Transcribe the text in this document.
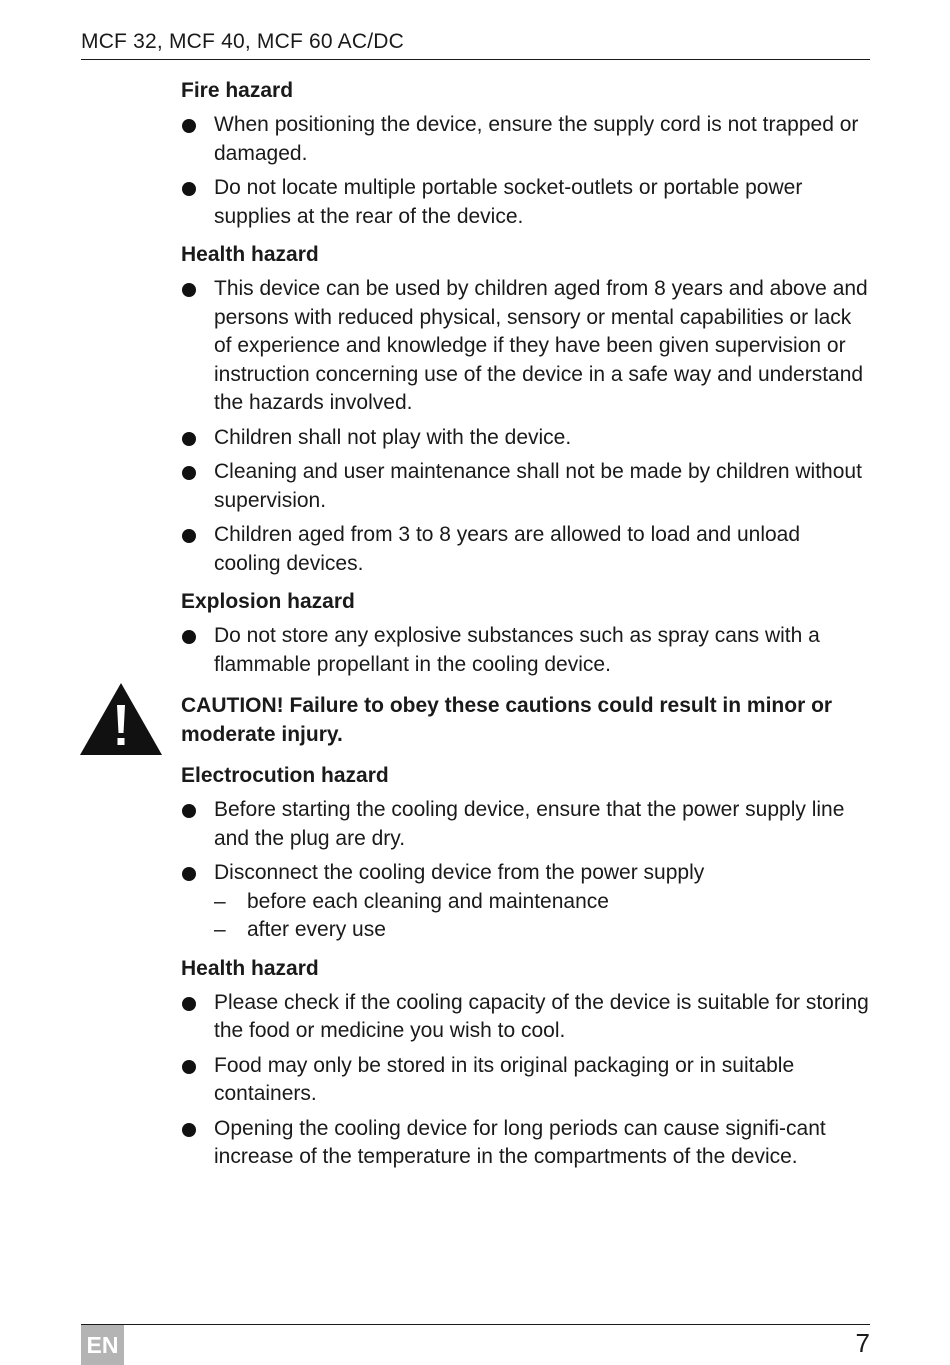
MCF 32, MCF 40, MCF 60 AC/DC
Fire hazard
When positioning the device, ensure the supply cord is not trapped or damaged.
Do not locate multiple portable socket-outlets or portable power supplies at the rear of the device.
Health hazard
This device can be used by children aged from 8 years and above and persons with reduced physical, sensory or mental capabilities or lack of experience and knowledge if they have been given supervision or instruction concerning use of the device in a safe way and understand the hazards involved.
Children shall not play with the device.
Cleaning and user maintenance shall not be made by children without supervision.
Children aged from 3 to 8 years are allowed to load and unload cooling devices.
Explosion hazard
Do not store any explosive substances such as spray cans with a flammable propellant in the cooling device.
CAUTION! Failure to obey these cautions could result in minor or moderate injury.
Electrocution hazard
Before starting the cooling device, ensure that the power supply line and the plug are dry.
Disconnect the cooling device from the power supply
– before each cleaning and maintenance
– after every use
Health hazard
Please check if the cooling capacity of the device is suitable for storing the food or medicine you wish to cool.
Food may only be stored in its original packaging or in suitable containers.
Opening the cooling device for long periods can cause signifi-cant increase of the temperature in the compartments of the device.
EN	7
